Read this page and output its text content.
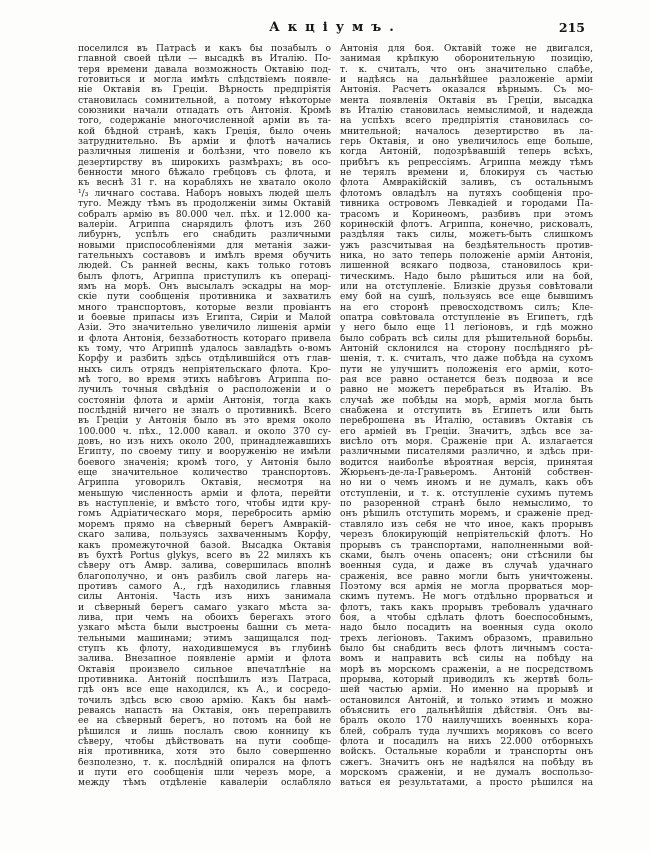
Акціумъ.	215
поселился въ Патрасѣ и какъ бы позабылъ о
главной своей цѣли — высадкѣ въ Италію. По-
теря времени давала возможность Октавію под-
готовиться и могла имѣть слѣдствіемъ появле-
ніе Октавія въ Греціи. Вѣрность предпріятія
становилась сомнительной, а потому нѣкоторые
союзники начали отпадать отъ Антонія. Кромѣ
того, содержаніе многочисленной арміи въ та-
кой бѣдной странѣ, какъ Греція, было очень
затруднительно. Въ арміи и флотѣ начались
различныя лишенія и болѣзни, что повело къ
дезертирству въ широкихъ размѣрахъ; въ осо-
бенности много бѣжало гребцовъ съ флота, и
къ веснѣ 31 г. на корабляхъ не хватало около
¹/₃ личнаго состава. Наборъ новыхъ людей шелъ
туго. Между тѣмъ въ продолженіи зимы Октавій
собралъ армію въ 80.000 чел. пѣх. и 12.000 ка-
валеріи. Агриппа снарядилъ флотъ изъ 260
либурнъ, успѣлъ его снабдить различными
новыми приспособленіями для метанія зажи-
гательныхъ составовъ и имѣлъ время обучить
людей. Съ ранней весны, какъ только готовъ
былъ флотъ, Агриппа приступилъ къ операці-
ямъ на морѣ. Онъ высылалъ эскадры на мор-
скіе пути сообщенія противника и захватилъ
много транспортовъ, которые везли провіантъ
и боевые припасы изъ Египта, Сиріи и Малой
Азіи. Это значительно увеличило лишенія арміи
и флота Антонія, беззаботность котораго привела
къ тому, что Агриппѣ удалось завладѣть о-вомъ
Корфу и разбить здѣсь отдѣлившійся отъ глав-
ныхъ силъ отрядъ непріятельскаго флота. Кро-
мѣ того, во время этихъ набѣговъ Агриппа по-
лучилъ точныя свѣдѣнія о расположеніи и о
состояніи флота и арміи Антонія, тогда какъ
послѣдній ничего не зналъ о противникѣ. Всего
въ Греціи у Антонія было въ это время около
100.000 ч. пѣх., 12.000 кавал. и около 370 су-
довъ, но изъ нихъ около 200, принадлежавшихъ
Египту, по своему типу и вооруженію не имѣли
боевого значенія; кромѣ того, у Антонія было
еще значительное количество транспортовъ.
Агриппа уговорилъ Октавія, несмотря на
меньшую численность арміи и флота, перейти
въ наступленіе, и вмѣсто того, чтобы идти кру-
гомъ Адріатическаго моря, перебросить армію
моремъ прямо на сѣверный берегъ Амвракій-
скаго залива, пользуясь захваченнымъ Корфу,
какъ промежуточной базой. Высадка Октавія
въ бухтѣ Portus glykys, всего въ 22 миляхъ къ
сѣверу отъ Амвр. залива, совершилась вполнѣ
благополучно, и онъ разбилъ свой лагерь на-
противъ самого А., гдѣ находились главныя
силы Антонія. Часть изъ нихъ занимала
и сѣверный берегъ самаго узкаго мѣста за-
лива, при чемъ на обоихъ берегахъ этого
узкаго мѣста были выстроены башни съ мета-
тельными машинами; этимъ защищался под-
ступъ къ флоту, находившемуся въ глубинѣ
залива. Внезапное появленіе арміи и флота
Октавія произвело сильное впечатлѣніе на
противника. Антоній поспѣшилъ изъ Патраса,
гдѣ онъ все еще находился, къ А., и сосредо-
точилъ здѣсь всю свою армію. Какъ бы намѣ-
реваясь напасть на Октавія, онъ переправилъ
ее на сѣверный берегъ, но потомъ на бой не
рѣшился и лишь послалъ свою конницу къ
сѣверу, чтобы дѣйствовать на пути сообще-
нія противника, хотя это было совершенно
безполезно, т. к. послѣдній опирался на флотъ
и пути его сообщенія шли черезъ море, а
между тѣмъ отдѣленіе кавалеріи ослабляло
Антонія для боя. Октавій тоже не двигался,
занимая крѣпкую оборонительную позицію,
т. к. считалъ, что онъ значительно слабѣе,
и надѣясь на дальнѣйшее разложеніе арміи
Антонія. Расчетъ оказался вѣрнымъ. Съ мо-
мента появленія Октавія въ Греціи, высадка
въ Италію становилась немыслимой, и надежда
на успѣхъ всего предпріятія становилась со-
мнительной; началось дезертирство въ ла-
герь Октавія, и оно увеличилось еще больше,
когда Антоній, подозрѣвавшій теперь всѣхъ,
прибѣгъ къ репрессіямъ. Агриппа между тѣмъ
не терялъ времени и, блокируя съ частью
флота Амвракійскій заливъ, съ остальнымъ
флотомъ овладѣлъ на путяхъ сообщенія про-
тивника островомъ Левкадіей и городами Па-
трасомъ и Коринѳомъ, разбивъ при этомъ
коринѳскій флотъ. Агриппа, конечно, рисковалъ,
раздѣляя такъ силы, можетъ-быть слишкомъ
ужъ разсчитывая на бездѣятельность против-
ника, но зато теперь положеніе арміи Антонія,
лишенной всякаго подвоза, становилось кри-
тическимъ. Надо было рѣшиться или на бой,
или на отступленіе. Близкіе друзья совѣтовали
ему бой на сушѣ, пользуясь все еще бывшимъ
на его сторонѣ превосходствомъ силъ; Кле-
опатра совѣтовала отступленіе въ Египетъ, гдѣ
у него было еще 11 легіоновъ, и гдѣ можно
было собрать всѣ силы для рѣшительной борьбы.
Антоній склонился на сторону послѣдняго рѣ-
шенія, т. к. считалъ, что даже побѣда на сухомъ
пути не улучшитъ положенія его арміи, кото-
рая все равно останется безъ подвоза и все
равно не можетъ перебраться въ Италію. Въ
случаѣ же побѣды на морѣ, армія могла быть
снабжена и отступить въ Египетъ или быть
переброшена въ Италію, оставивъ Октавія съ
его арміей въ Греціи. Значитъ, здѣсь все за-
висѣло отъ моря. Сраженіе при А. излагается
различными писателями различно, и здѣсь при-
водится наиболѣе вѣроятная версія, принятая
Жюрьенъ-де-ла-Гравьеромъ. Антоній собствен-
но ни о чемъ иномъ и не думалъ, какъ объ
отступленіи, и т. к. отступленіе сухимъ путемъ
по разоренной странѣ было немыслимо, то
онъ рѣшилъ отступить моремъ, и сраженіе пред-
ставляло изъ себя не что иное, какъ прорывъ
черезъ блокирующій непріятельскій флотъ. Но
прорывъ съ транспортами, наполненными вой-
сками, былъ очень опасенъ; они стѣснили бы
военныя суда, и даже въ случаѣ удачнаго
сраженія, все равно могли быть уничтожены.
Поэтому вся армія не могла прорваться мор-
скимъ путемъ. Не могъ отдѣльно прорваться и
флотъ, такъ какъ прорывъ требовалъ удачнаго
боя, а чтобы сдѣлать флотъ боеспособнымъ,
надо было посадить на военныя суда около
трехъ легіоновъ. Такимъ образомъ, правильно
было бы снабдить весь флотъ личнымъ соста-
вомъ и направить всѣ силы на побѣду на
морѣ въ морскомъ сраженіи, а не посредствомъ
прорыва, который приводилъ къ жертвѣ боль-
шей частью арміи. Но именно на прорывѣ и
остановился Антоній, и только этимъ и можно
объяснить его дальнѣйшія дѣйствія. Онъ вы-
бралъ около 170 наилучшихъ военныхъ кора-
блей, собралъ туда лучшихъ моряковъ со всего
флота и посадилъ на нихъ 22.000 отборныхъ
войскъ. Остальные корабли и транспорты онъ
сжегъ. Значитъ онъ не надѣялся на побѣду въ
морскомъ сраженіи, и не думалъ воспользо-
ваться ея результатами, а просто рѣшился на
